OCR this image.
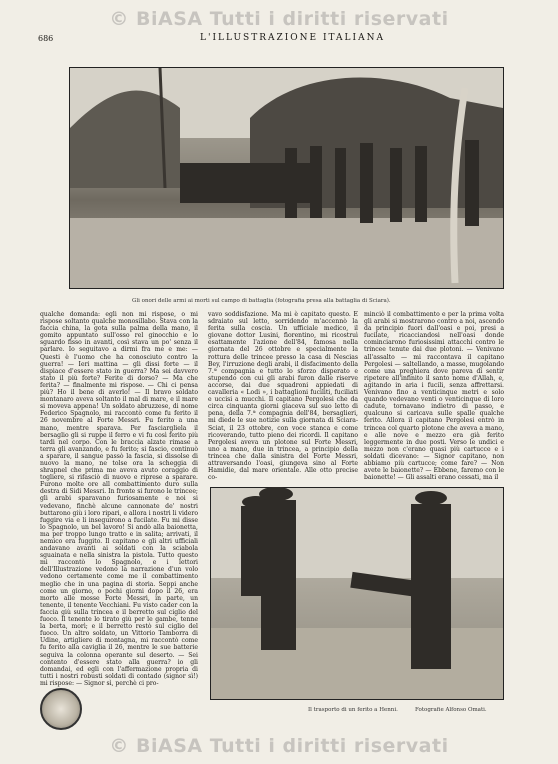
© BiASA Tutti i diritti riservati
686	L'ILLUSTRAZIONE ITALIANA
Gli onori delle armi ai morti sul campo di battaglia (fotografia presa alla battaglia di Sciara).

qualche domanda: egli non mi rispose, o mi rispose soltanto qualche monosillabo. Stava con la faccia china, la gota sulla palma della mano, il gomito appuntato sull'osso rel ginocchio e lo sguardo fisso in avanti, così stava un po' senza il parlare. Io seguitavo a dirmi fra me e me: — Questi è l'uomo che ha conosciuto contro la guerra! — Ieri mattina — gli dissi forte — il dispiace d'essere stato in guerra? Ma sei davvero stato il più forte? Ferite di dorso? — Ma che ferita? — finalmente mi rispose. — Chi ci pensa più? Ho il bene di averlo! — Il bravo soldato montanaro aveva soltanto il mal di mare, e il mare si moveva appena! Un soldato abruzzese, di nome Federico Spagnolo, mi raccontò come fu ferito il 26 novembre al Forte Messri. Fu ferito a una mano, mentre sparava. Per fasciargliela il bersaglio gli si ruppe il ferro e vi fu così ferito più tardi nel corpo. Con le braccia alzate rimase a terra gli avanzando, e fu ferito; si fascio, continuò a sparare, il sangue passò la fascia, si dissolse di nuovo la mano, ne tolse ora la scheggia di shrapnel che prima me aveva avuto coraggio di togliere, si rifasciò di nuovo e riprese a sparare. Furono molte ore all combattimento duro sulla destra di Sidi Messri. In fronte si furono le trincee; gli arabi sparavano furiosamente e noi si vedevano, finchè alcune cannonate de' nostri buttarono giù i loro ripari, e allora i nostri li videro fuggire via e li inseguirono a fucilate. Fu mi disse lo Spagnolo, un bel lavoro! Si andò alla baionetta, ma per troppo lungo tratto e in salita; arrivati, il nemico era fuggito. Il capitano e gli altri ufficiali andavano avanti ai soldati con la sciabola sguainata e nella sinistra la pistola. Tutto questo mi raccontò lo Spagnolo, e i lettori dell'Illustrazione vedono la narrazione d'un volo vedono certamente come me il combattimento meglio che in una pagina di storia. Seppi anche come un giorno, o pochi giorni dopo il 26, era morto alle mosse Forte Messri, in parte, un tenente, il tenente Vecchiani. Fu visto cader con la faccia giù sulla trincea e il berretto sul ciglio del fuoco. Il tenente lo tirato giù per le gambe, tenne la berta, morì; e il berretto restò sul ciglio del fuoco. Un altro soldato, un Vittorio Tamborra di Udine, artigliere di montagna, mi raccontò come fu ferito alla caviglia il 26, mentre le sue batterie seguiva la colonna operante sul deserto. — Sei contento d'essere stato alla guerra? io gli domandai, ed egli con l'affermazione propria di tutti i nostri robusti soldati di contado (signor sì!) mi rispose: — Signor sì, perchè ci pro-

vavo soddisfazione. Ma mi è capitato questo. E sdraiato sul letto, sorridendo m'accennò la ferita sulla coscia. Un ufficiale medico, il giovane dottor Lusini, fiorentino, mi ricostruì esattamente l'azione dell'84, famosa nella giornata del 26 ottobre e specialmente la rottura delle trincee presso la casa di Nescias Bey, l'irruzione degli arabi, il disfacimento della 7.ª compagnia e tutto lo sforzo disperato e stupendo con cui gli arabi furon dalle riserve accorse, dai due squadroni appiedati di cavalleria « Lodi », i battaglioni fuciliti, fuciliati e uccisi a mucchi. Il capitano Pergolesi che da circa cinquanta giorni giaceva sul suo letto di pena, della 7.ª compagnia dell'84, bersaglieri, mi diede le sue notizie sulla giornata di Sciara-Sciat, il 23 ottobre, con voce stanca e come ricoverando, tutto pieno dei ricordi. Il capitano Pergolesi aveva un plotone sul Forte Messri, uno a mano, due in trincea, a principio della trincea che dalla sinistra del Forte Messri, attraversando l'oasi, giungeva sino al Forte Hamidie, dal mare orientale. Alle otto precise co-

minciò il combattimento e per la prima volta gli arabi si mostrarono contro a noi, ascendo da principio fuori dall'oasi e poi, presi a fucilate, ricacciandosi nell'oasi donde cominciarono furiosissimi attacchi contro le trincee tenute dai due plotoni. — Venivano all'assalto — mi raccontava il capitano Pergolesi — saltellando, a masse, mugolando come una preghiera dove pareva di sentir ripetere all'infinito il santo nome d'Allah, e, agitando in aria i fucili, senza affrettarsi. Venivano fino a venticinque metri e solo quando vedevano venti o venticinque di loro cadute, tornavano indietro di passo, e qualcuno si caricava sulle spalle qualche ferito. Allora il capitano Pergolesi entrò in trincea col quarto plotone che aveva a mano, e alle nove e mezzo era già ferito leggermente in due posti. Verso le undici e mezzo non c'erano quasi più cartucce e i soldati dicevano: — Signor capitano, non abbiamo più cartucce; come fare? — Non avete le baionette? — Ebbene, faremo con le baionette! — Gli assalti erano cessati, ma il

Il trasporto di un ferito a Henni.	Fotografie Alfonso Omati.
© BiASA Tutti i diritti riservati
